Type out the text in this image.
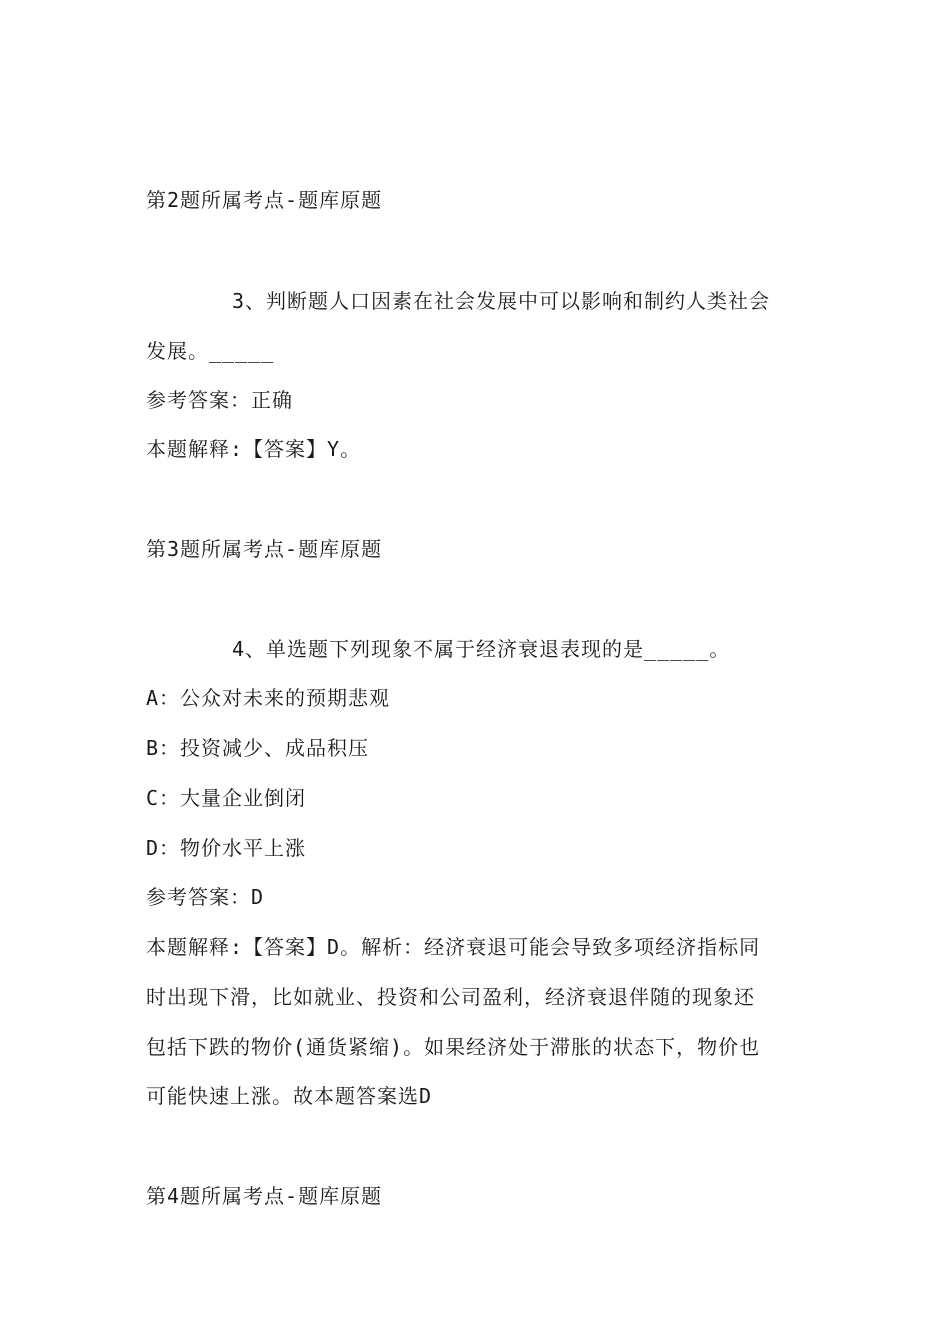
第2题所属考点-题库原题
3、判断题人口因素在社会发展中可以影响和制约人类社会
发展。_____
参考答案：正确
本题解释:【答案】Y。
第3题所属考点-题库原题
4、单选题下列现象不属于经济衰退表现的是_____。
A：公众对未来的预期悲观
B：投资减少、成品积压
C：大量企业倒闭
D：物价水平上涨
参考答案：D
本题解释:【答案】D。解析：经济衰退可能会导致多项经济指标同
时出现下滑，比如就业、投资和公司盈利，经济衰退伴随的现象还
包括下跌的物价(通货紧缩)。如果经济处于滞胀的状态下，物价也
可能快速上涨。故本题答案选D
第4题所属考点-题库原题
